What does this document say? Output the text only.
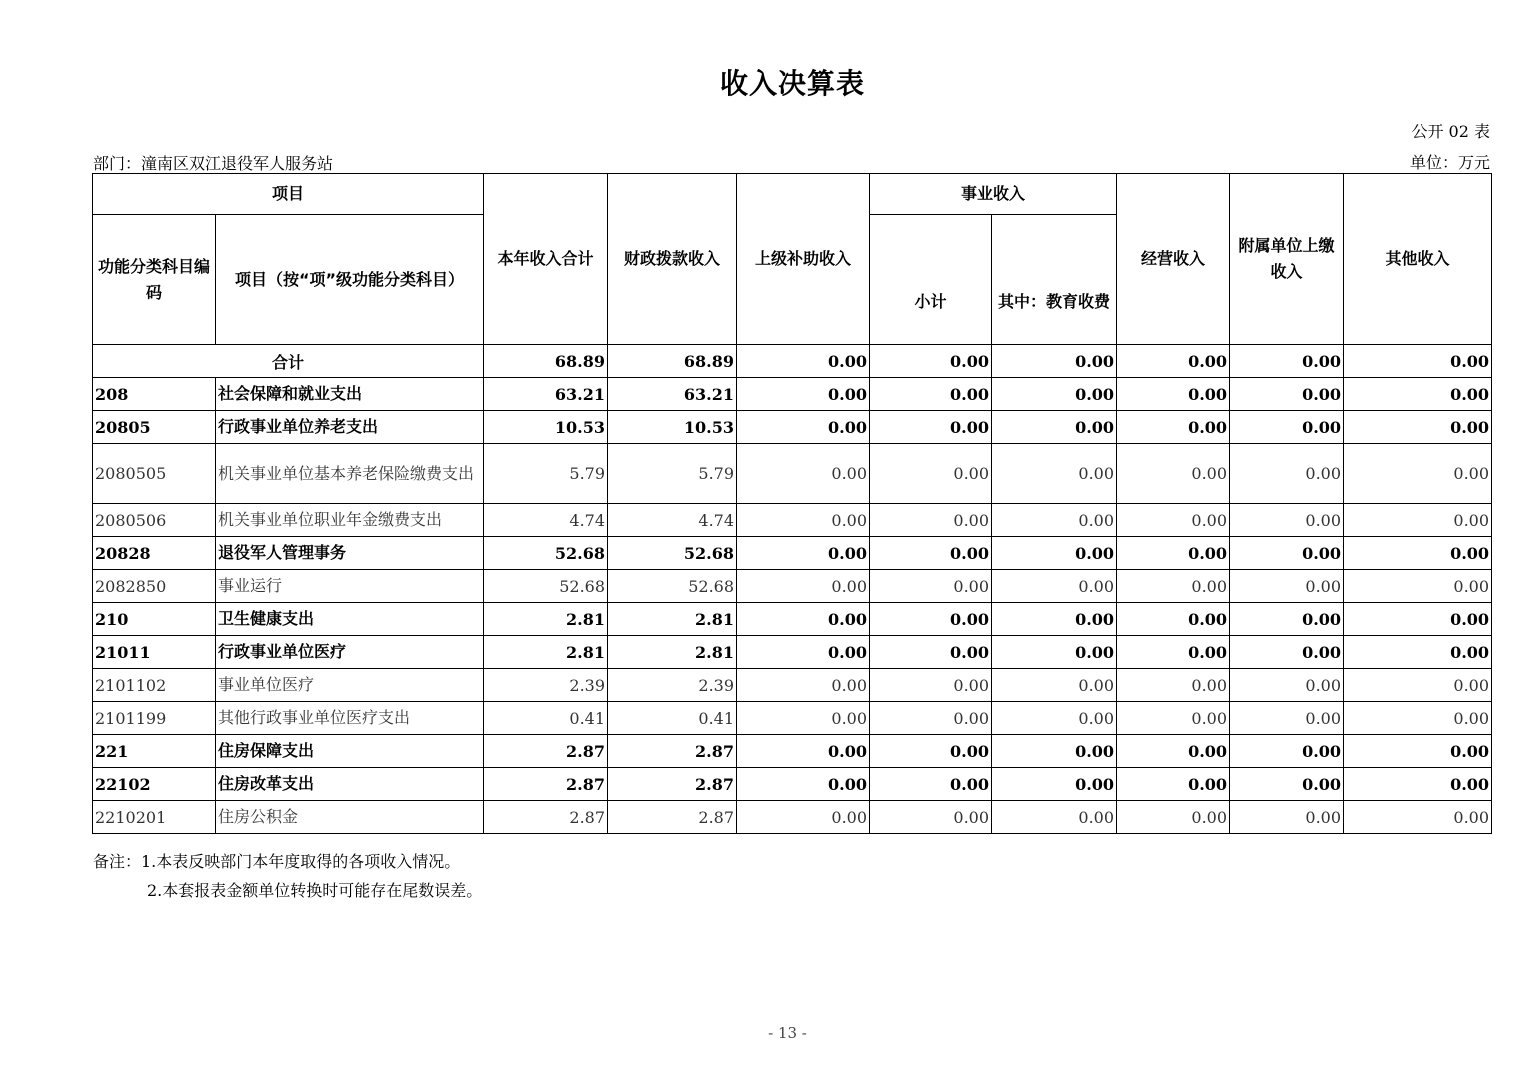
收入决算表
公开 02 表
部门：潼南区双江退役军人服务站	单位：万元
项目		本年收入合计	财政拨款收入	上级补助收入	事业收入		经营收入	附属单位上缴收入	其他收入
功能分类科目编码	项目（按“项”级功能分类科目）				小计	其中：教育收费			
合计		68.89	68.89	0.00	0.00	0.00	0.00	0.00	0.00
208	社会保障和就业支出	63.21	63.21	0.00	0.00	0.00	0.00	0.00	0.00
20805	行政事业单位养老支出	10.53	10.53	0.00	0.00	0.00	0.00	0.00	0.00
2080505	机关事业单位基本养老保险缴费支出	5.79	5.79	0.00	0.00	0.00	0.00	0.00	0.00
2080506	机关事业单位职业年金缴费支出	4.74	4.74	0.00	0.00	0.00	0.00	0.00	0.00
20828	退役军人管理事务	52.68	52.68	0.00	0.00	0.00	0.00	0.00	0.00
2082850	事业运行	52.68	52.68	0.00	0.00	0.00	0.00	0.00	0.00
210	卫生健康支出	2.81	2.81	0.00	0.00	0.00	0.00	0.00	0.00
21011	行政事业单位医疗	2.81	2.81	0.00	0.00	0.00	0.00	0.00	0.00
2101102	事业单位医疗	2.39	2.39	0.00	0.00	0.00	0.00	0.00	0.00
2101199	其他行政事业单位医疗支出	0.41	0.41	0.00	0.00	0.00	0.00	0.00	0.00
221	住房保障支出	2.87	2.87	0.00	0.00	0.00	0.00	0.00	0.00
22102	住房改革支出	2.87	2.87	0.00	0.00	0.00	0.00	0.00	0.00
2210201	住房公积金	2.87	2.87	0.00	0.00	0.00	0.00	0.00	0.00
备注：1.本表反映部门本年度取得的各项收入情况。
2.本套报表金额单位转换时可能存在尾数误差。
- 13 -
